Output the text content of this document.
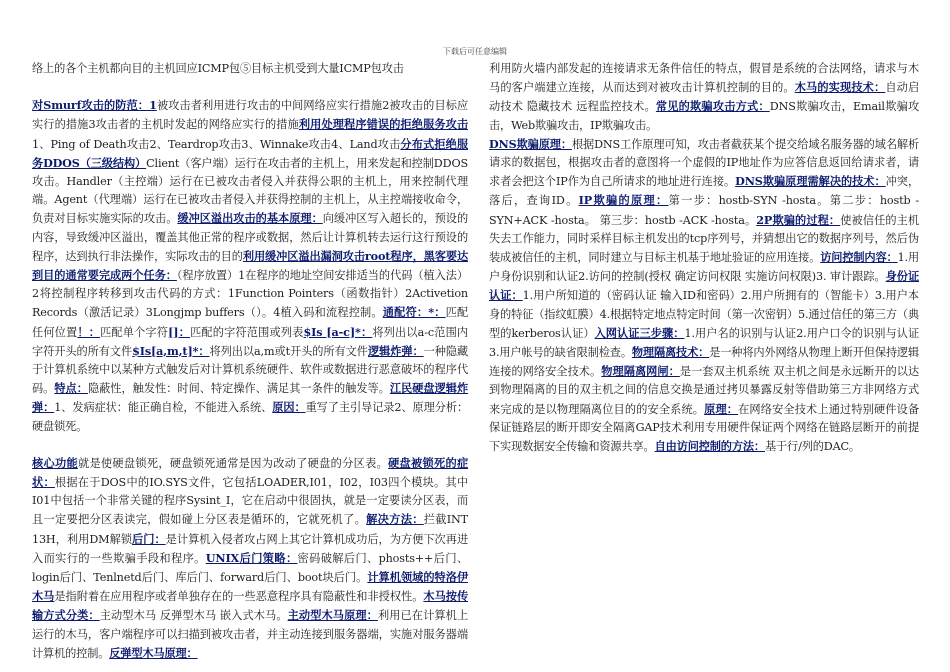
下载后可任意编辑

络上的各个主机都向目的主机回应ICMP包⑤目标主机受到大量ICMP包攻击

对Smurf攻击的防范：1被攻击者利用进行攻击的中间网络应实行措施2被攻击的目标应实行的措施3攻击者的主机时发起的网络应实行的措施利用处理程序错误的拒绝服务攻击1、Ping of Death攻击2、Teardrop攻击3、Winnake攻击4、Land攻击分布式拒绝服务DDOS（三级结构）Client（客户端）运行在攻击者的主机上，用来发起和控制DDOS攻击。Handler（主控端）运行在已被攻击者侵入并获得公职的主机上，用来控制代理端。Agent（代理端）运行在已被攻击者侵入并获得控制的主机上，从主控端接收命令，负责对目标实施实际的攻击。缓冲区溢出攻击的基本原理：向缓冲区写入超长的，预设的内容，导致缓冲区溢出，覆盖其他正常的程序或数据，然后让计算机转去运行这行预设的程序，达到执行非法操作，实际攻击的目的利用缓冲区溢出漏洞攻击root程序，黑客要达到目的通常要完成两个任务：（程序放置）1在程序的地址空间安排适当的代码（植入法）2将控制程序转移到攻击代码的方式：1Function Pointers（函数指针）2Activetion Records（激活记录）3Longjmp buffers（）。4植入码和流程控制。通配符：*：匹配任何位置！：匹配单个字符[]：匹配的字符范围或列表$Is [a-c]*：将列出以a-c范围内字符开头的所有文件$Is[a,m,t]*：将列出以a,m或t开头的所有文件逻辑炸弹：一种隐藏于计算机系统中以某种方式触发后对计算机系统硬件、软件或数据进行恶意破坏的程序代码。特点：隐蔽性，触发性：时间、特定操作、满足其一条件的触发等。江民硬盘逻辑炸弹：1、发病症状：能正确自检，不能进入系统、原因：重写了主引导记录2、原理分析：硬盘锁死。

核心功能就是使硬盘锁死，硬盘锁死通常是因为改动了硬盘的分区表。硬盘被锁死的症状：根据在于DOS中的IO.SYS文件，它包括LOADER,I01，I02，I03四个模块。其中I01中包括一个非常关键的程序Sysint_I，它在启动中很固执，就是一定要读分区表，而且一定要把分区表读完，假如碰上分区表是循环的，它就死机了。解决方法：拦截INT 13H，利用DM解锁后门：是计算机入侵者攻占网上其它计算机成功后，为方便下次再进入而实行的一些欺骗手段和程序。UNIX后门策略：密码破解后门、phosts++后门、login后门、Tenlnetd后门、库后门、forward后门、boot块后门。计算机领域的特洛伊木马是指附着在应用程序或者单独存在的一些恶意程序具有隐蔽性和非授权性。木马按传输方式分类：主动型木马 反弹型木马 嵌入式木马。主动型木马原理：利用已在计算机上运行的木马，客户端程序可以扫描到被攻击者，并主动连接到服务器端，实施对服务器端计算机的控制。反弹型木马原理：

利用防火墙内部发起的连接请求无条件信任的特点，假冒是系统的合法网络，请求与木马的客户端建立连接，从而达到对被攻击计算机控制的目的。木马的实现技术：自动启动技术 隐藏技术 远程监控技术。常见的欺骗攻击方式：DNS欺骗攻击，Email欺骗攻击，Web欺骗攻击，IP欺骗攻击。

DNS欺骗原理：根据DNS工作原理可知，攻击者截获某个提交给域名服务器的域名解析请求的数据包，根据攻击者的意图将一个虚假的IP地址作为应答信息返回给请求者，请求者会把这个IP作为自己所请求的地址进行连接。DNS欺骗原理需解决的技术：冲突，落后，查询ID。IP欺骗的原理：第一步：hostb-SYN -hosta。第二步：hostb -SYN+ACK -hosta。 第三步：hostb -ACK -hosta。2P欺骗的过程：使被信任的主机失去工作能力，同时采样目标主机发出的tcp序列号，并猜想出它的数据序列号，然后伪装成被信任的主机，同时建立与目标主机基于地址验证的应用连接。访问控制内容：1.用户身份识别和认证2.访问的控制(授权 确定访问权限 实施访问权限)3. 审计跟踪。身份证认证：1.用户所知道的（密码认证 输入ID和密码）2.用户所拥有的（智能卡）3.用户本身的特征（指纹虹膜）4.根据特定地点特定时间（第一次密钥）5.通过信任的第三方（典型的kerberos认证）入网认证三步骤：1.用户名的识别与认证2.用户口令的识别与认证3.用户帐号的缺省限制检查。物理隔离技术：是一种将内外网络从物理上断开但保持逻辑连接的网络安全技术。物理隔离网闸：是一套双主机系统 双主机之间是永远断开的以达到物理隔离的目的双主机之间的信息交换是通过拷贝暴露反射等借助第三方非网络方式来完成的是以物理隔离位目的的安全系统。原理：在网络安全技术上通过特别硬件设备保证链路层的断开即安全隔离GAP技术利用专用硬件保证两个网络在链路层断开的前提下实现数据安全传输和资源共享。自由访问控制的方法：基于行/列的DAC。
